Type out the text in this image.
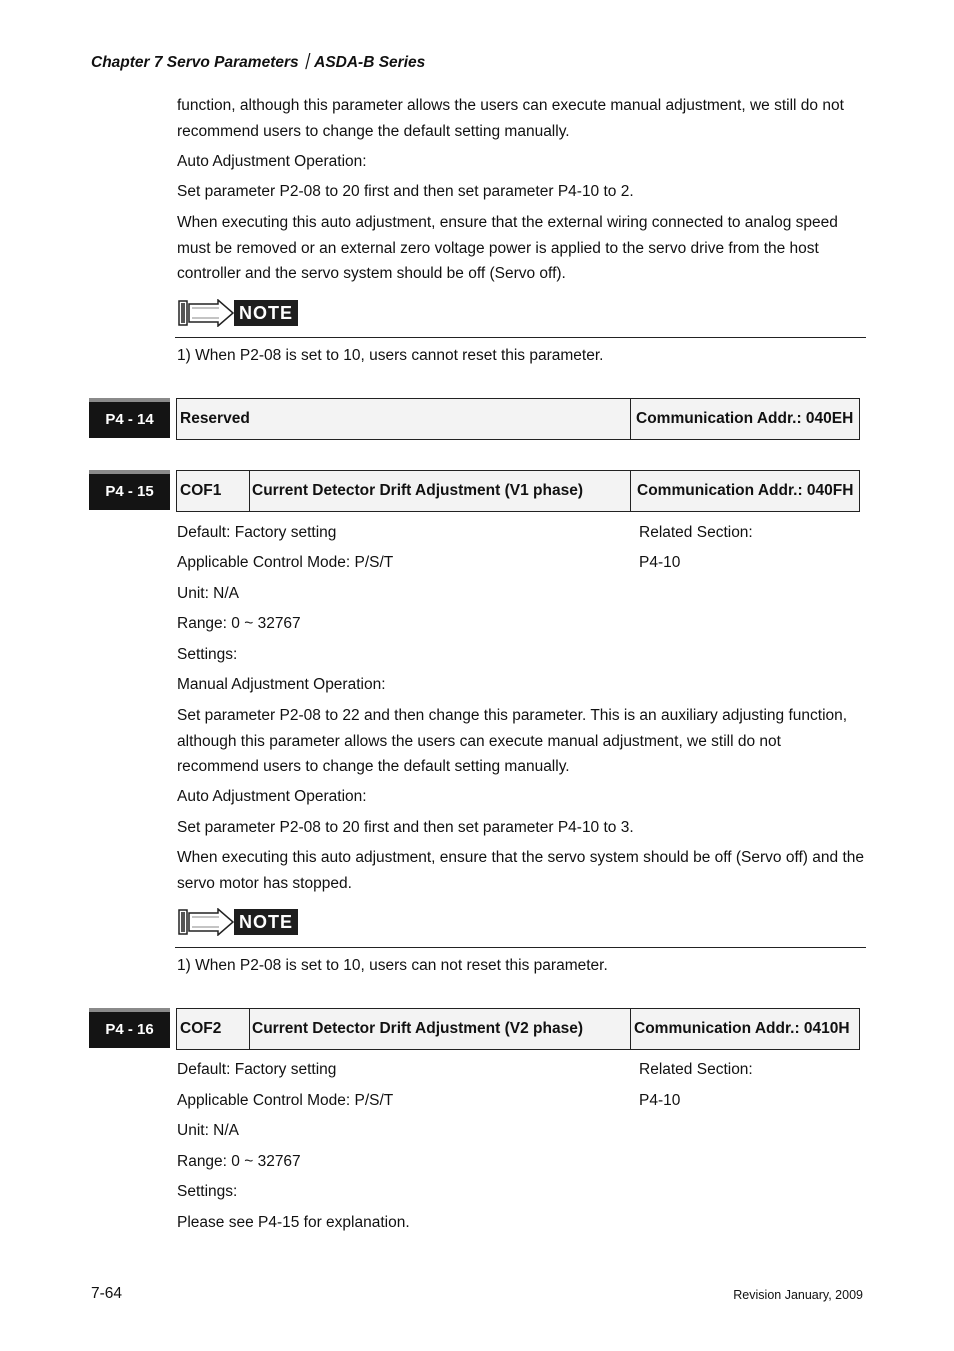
Chapter 7 Servo Parameters｜ASDA-B Series

function, although this parameter allows the users can execute manual adjustment, we still do not recommend users to change the default setting manually.

Auto Adjustment Operation:

Set parameter P2-08 to 20 first and then set parameter P4-10 to 2.

When executing this auto adjustment, ensure that the external wiring connected to analog speed must be removed or an external zero voltage power is applied to the servo drive from the host controller and the servo system should be off (Servo off).

NOTE

1) When P2-08 is set to 10, users cannot reset this parameter.

P4 - 14	Reserved	Communication Addr.: 040EH
P4 - 15	COF1 Current Detector Drift Adjustment (V1 phase)	Communication Addr.: 040FH

Default: Factory setting	Related Section:

Applicable Control Mode: P/S/T	P4-10

Unit: N/A

Range: 0 ~ 32767

Settings:

Manual Adjustment Operation:

Set parameter P2-08 to 22 and then change this parameter. This is an auxiliary adjusting function, although this parameter allows the users can execute manual adjustment, we still do not recommend users to change the default setting manually.

Auto Adjustment Operation:

Set parameter P2-08 to 20 first and then set parameter P4-10 to 3.

When executing this auto adjustment, ensure that the servo system should be off (Servo off) and the servo motor has stopped.

NOTE

1) When P2-08 is set to 10, users can not reset this parameter.

P4 - 16	COF2 Current Detector Drift Adjustment (V2 phase)	Communication Addr.: 0410H

Default: Factory setting	Related Section:

Applicable Control Mode: P/S/T	P4-10

Unit: N/A

Range: 0 ~ 32767

Settings:

Please see P4-15 for explanation.

7-64	Revision January, 2009
